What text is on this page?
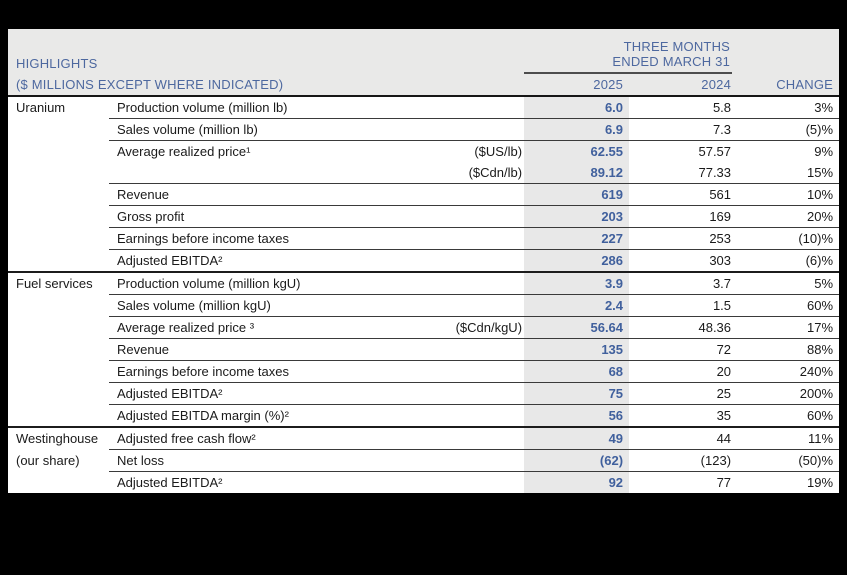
HIGHLIGHTS			THREE MONTHS
ENDED MARCH 31		

($ MILLIONS EXCEPT WHERE INDICATED)			2025	2024	CHANGE
Uranium	Production volume (million lb)		6.0	5.8	3%
	Sales volume (million lb)		6.9	7.3	(5)%
	Average realized price¹	($US/lb)	62.55	57.57	9%
		($Cdn/lb)	89.12	77.33	15%
	Revenue		619	561	10%
	Gross profit		203	169	20%
	Earnings before income taxes		227	253	(10)%
	Adjusted EBITDA²		286	303	(6)%
Fuel services	Production volume (million kgU)		3.9	3.7	5%
	Sales volume (million kgU)		2.4	1.5	60%
	Average realized price ³	($Cdn/kgU)	56.64	48.36	17%
	Revenue		135	72	88%
	Earnings before income taxes		68	20	240%
	Adjusted EBITDA²		75	25	200%
	Adjusted EBITDA margin (%)²		56	35	60%
Westinghouse	Adjusted free cash flow²		49	44	11%
(our share)	Net loss		(62)	(123)	(50)%
	Adjusted EBITDA²		92	77	19%
